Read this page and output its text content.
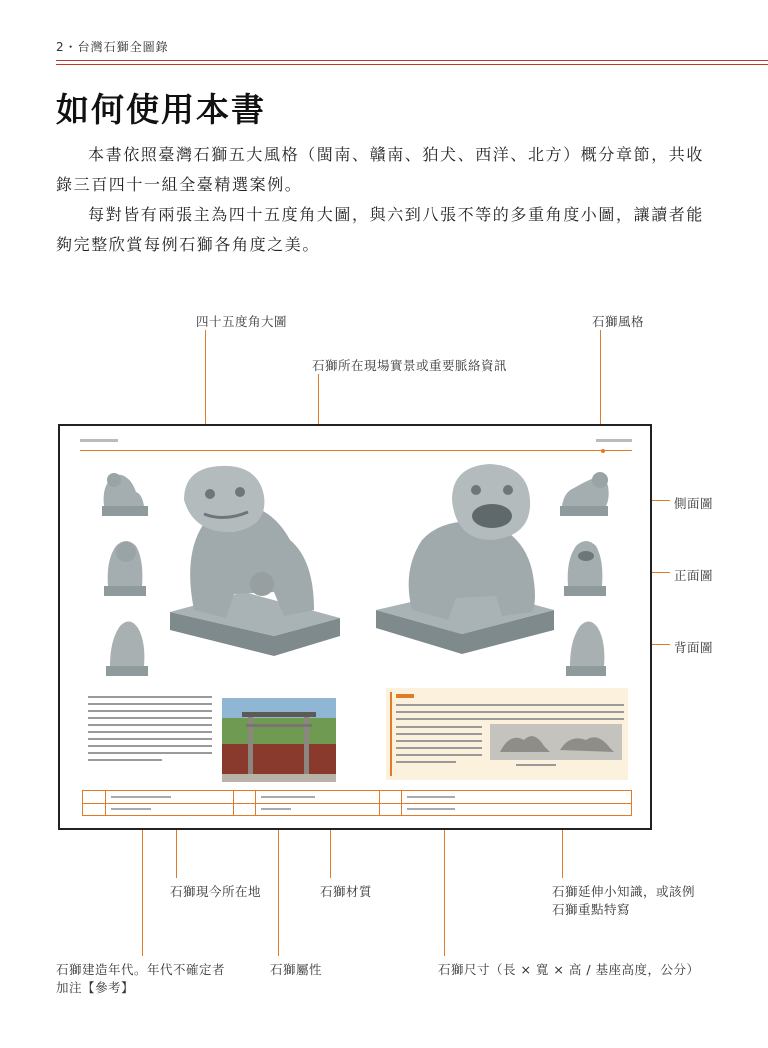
2・台灣石獅全圖錄
如何使用本書
本書依照臺灣石獅五大風格（閩南、贛南、狛犬、西洋、北方）概分章節，共收錄三百四十一組全臺精選案例。
每對皆有兩張主為四十五度角大圖，與六到八張不等的多重角度小圖，讓讀者能夠完整欣賞每例石獅各角度之美。
四十五度角大圖	石獅風格
石獅所在現場實景或重要脈絡資訊
側面圖
正面圖
背面圖
石獅現今所在地	石獅材質	石獅延伸小知識，或該例
石獅重點特寫
石獅建造年代。年代不確定者
加注【參考】
石獅屬性	石獅尺寸（長 × 寬 × 高 / 基座高度，公分）
